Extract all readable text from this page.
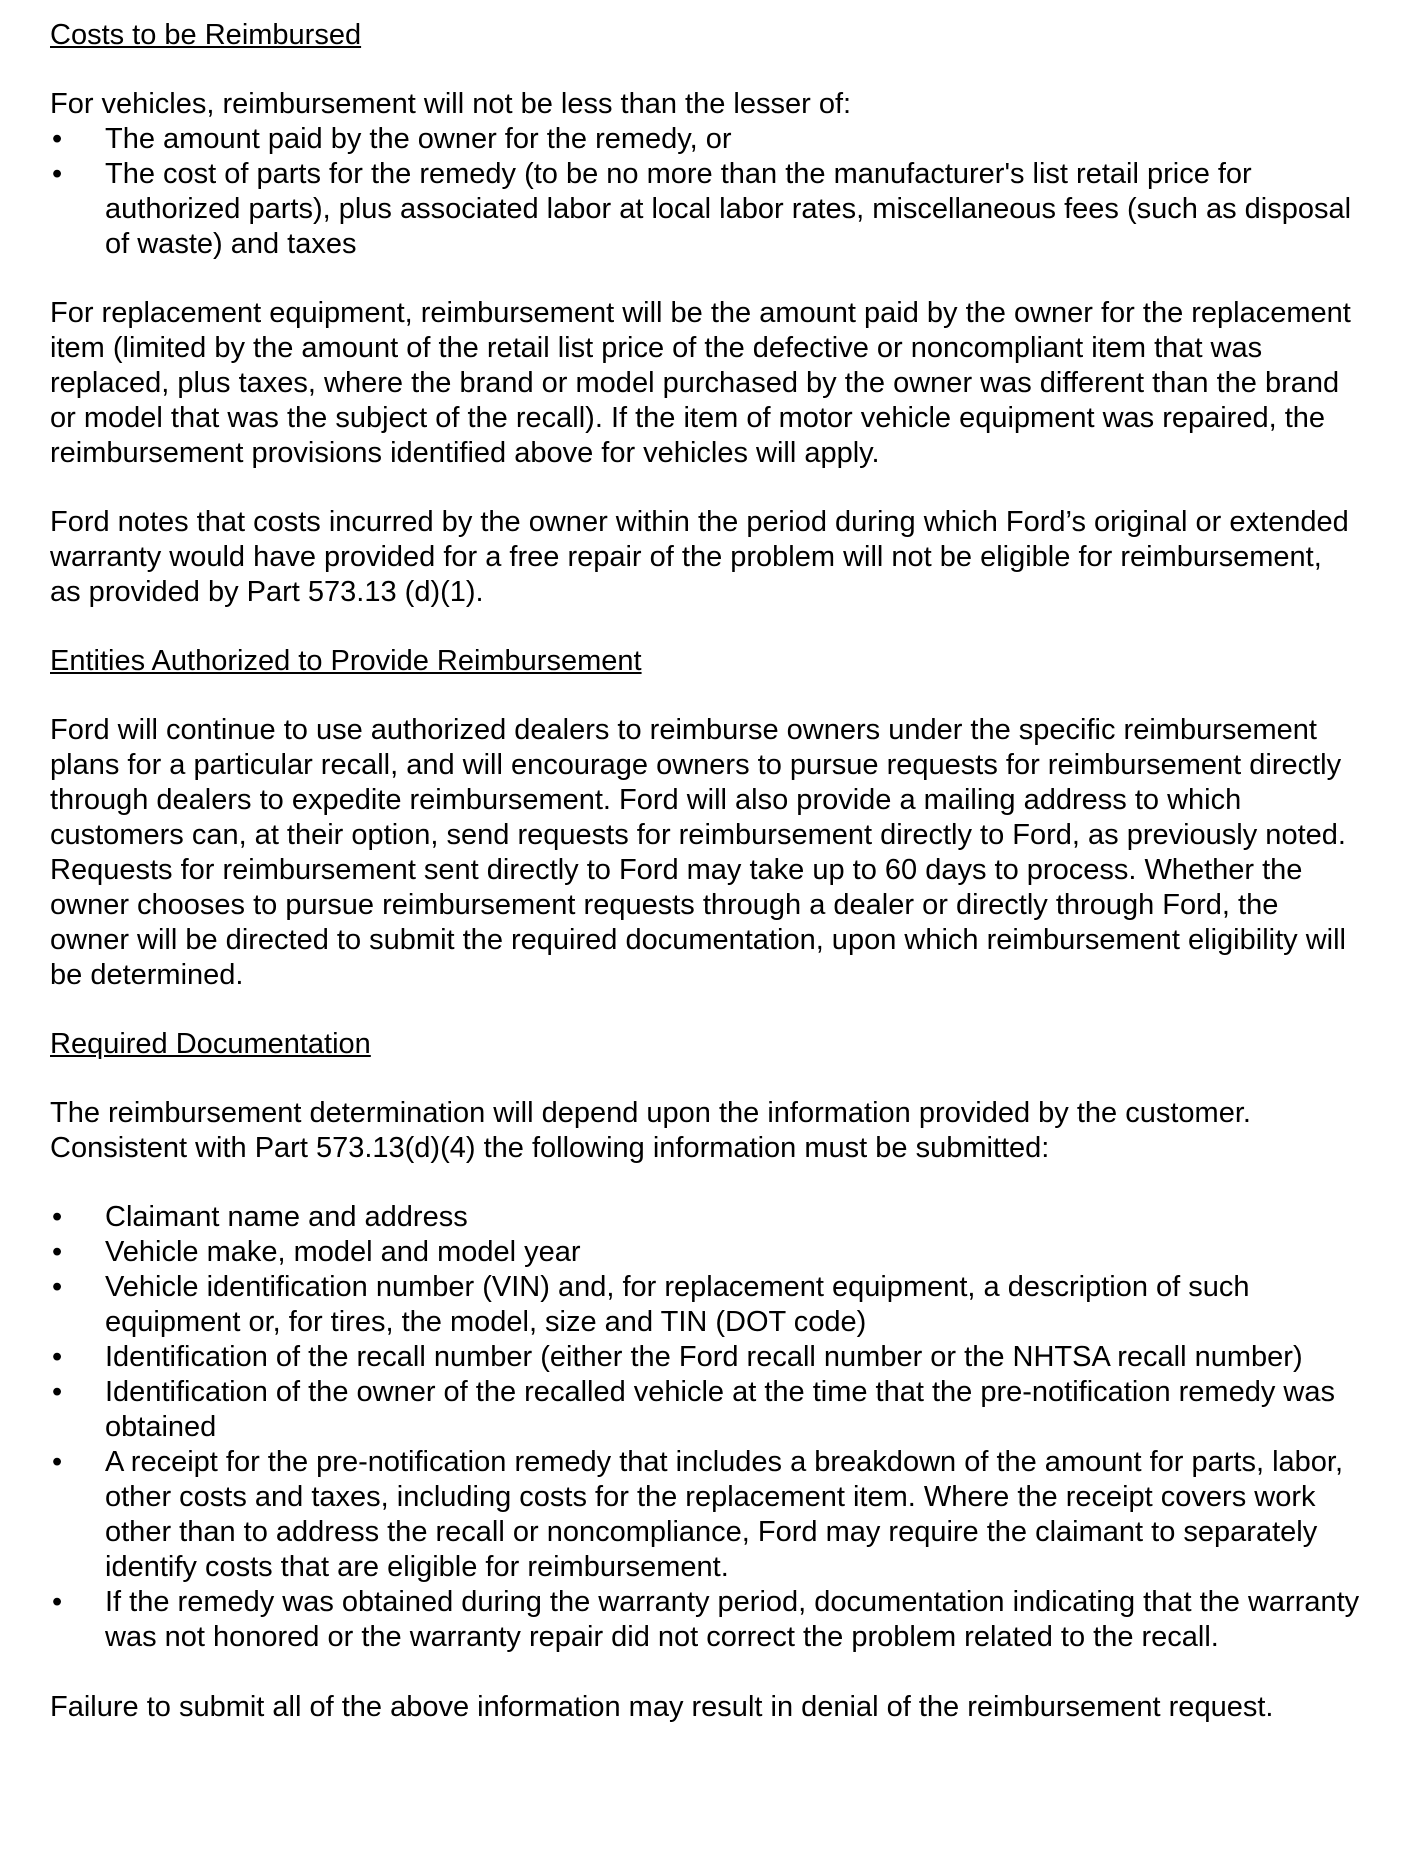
Costs to be Reimbursed

For vehicles, reimbursement will not be less than the lesser of:

• The amount paid by the owner for the remedy, or
• The cost of parts for the remedy (to be no more than the manufacturer's list retail price for authorized parts), plus associated labor at local labor rates, miscellaneous fees (such as disposal of waste) and taxes

For replacement equipment, reimbursement will be the amount paid by the owner for the replacement item (limited by the amount of the retail list price of the defective or noncompliant item that was replaced, plus taxes, where the brand or model purchased by the owner was different than the brand or model that was the subject of the recall). If the item of motor vehicle equipment was repaired, the reimbursement provisions identified above for vehicles will apply.

Ford notes that costs incurred by the owner within the period during which Ford’s original or extended warranty would have provided for a free repair of the problem will not be eligible for reimbursement, as provided by Part 573.13 (d)(1).

Entities Authorized to Provide Reimbursement

Ford will continue to use authorized dealers to reimburse owners under the specific reimbursement plans for a particular recall, and will encourage owners to pursue requests for reimbursement directly through dealers to expedite reimbursement. Ford will also provide a mailing address to which customers can, at their option, send requests for reimbursement directly to Ford, as previously noted. Requests for reimbursement sent directly to Ford may take up to 60 days to process. Whether the owner chooses to pursue reimbursement requests through a dealer or directly through Ford, the owner will be directed to submit the required documentation, upon which reimbursement eligibility will be determined.

Required Documentation

The reimbursement determination will depend upon the information provided by the customer. Consistent with Part 573.13(d)(4) the following information must be submitted:

• Claimant name and address
• Vehicle make, model and model year
• Vehicle identification number (VIN) and, for replacement equipment, a description of such equipment or, for tires, the model, size and TIN (DOT code)
• Identification of the recall number (either the Ford recall number or the NHTSA recall number)
• Identification of the owner of the recalled vehicle at the time that the pre-notification remedy was obtained
• A receipt for the pre-notification remedy that includes a breakdown of the amount for parts, labor, other costs and taxes, including costs for the replacement item. Where the receipt covers work other than to address the recall or noncompliance, Ford may require the claimant to separately identify costs that are eligible for reimbursement.
• If the remedy was obtained during the warranty period, documentation indicating that the warranty was not honored or the warranty repair did not correct the problem related to the recall.

Failure to submit all of the above information may result in denial of the reimbursement request.
